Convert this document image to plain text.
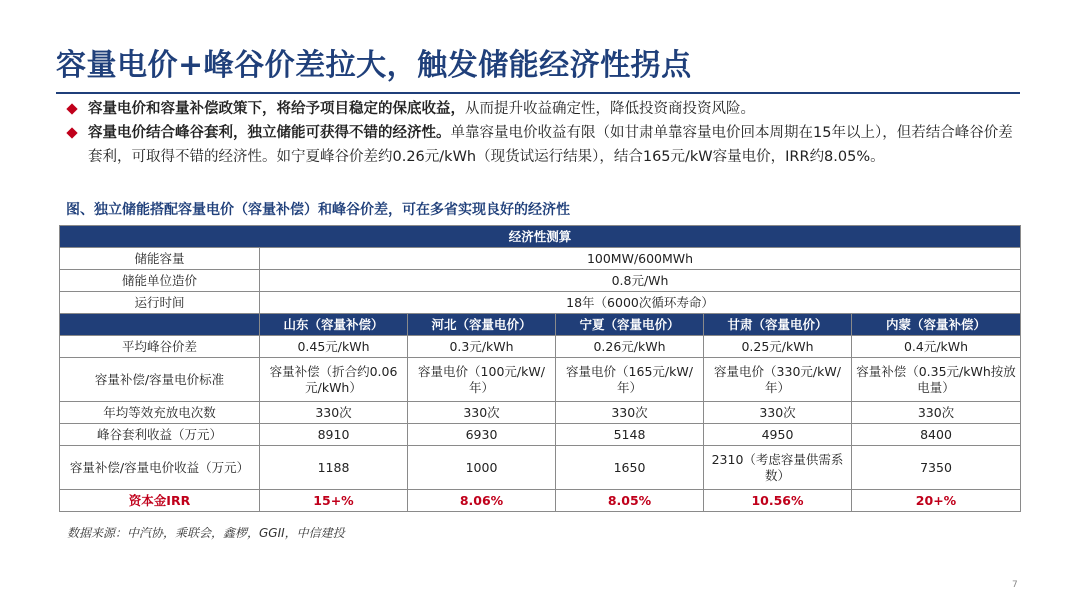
容量电价+峰谷价差拉大，触发储能经济性拐点
容量电价和容量补偿政策下，将给予项目稳定的保底收益，从而提升收益确定性，降低投资商投资风险。
容量电价结合峰谷套利，独立储能可获得不错的经济性。单靠容量电价收益有限（如甘肃单靠容量电价回本周期在15年以上），但若结合峰谷价差套利，可取得不错的经济性。如宁夏峰谷价差约0.26元/kWh（现货试运行结果），结合165元/kW容量电价，IRR约8.05%。
图、独立储能搭配容量电价（容量补偿）和峰谷价差，可在多省实现良好的经济性
经济性测算					
储能容量	100MW/600MWh				
储能单位造价	0.8元/Wh				
运行时间	18年（6000次循环寿命）				
	山东（容量补偿）	河北（容量电价）	宁夏（容量电价）	甘肃（容量电价）	内蒙（容量补偿）
平均峰谷价差	0.45元/kWh	0.3元/kWh	0.26元/kWh	0.25元/kWh	0.4元/kWh
容量补偿/容量电价标准	容量补偿（折合约0.06元/kWh）	容量电价（100元/kW/年）	容量电价（165元/kW/年）	容量电价（330元/kW/年）	容量补偿（0.35元/kWh按放电量）
年均等效充放电次数	330次	330次	330次	330次	330次
峰谷套利收益（万元）	8910	6930	5148	4950	8400
容量补偿/容量电价收益（万元）	1188	1000	1650	2310（考虑容量供需系数）	7350
资本金IRR	15+%	8.06%	8.05%	10.56%	20+%
数据来源：中汽协，乘联会，鑫椤，GGII，中信建投
7
